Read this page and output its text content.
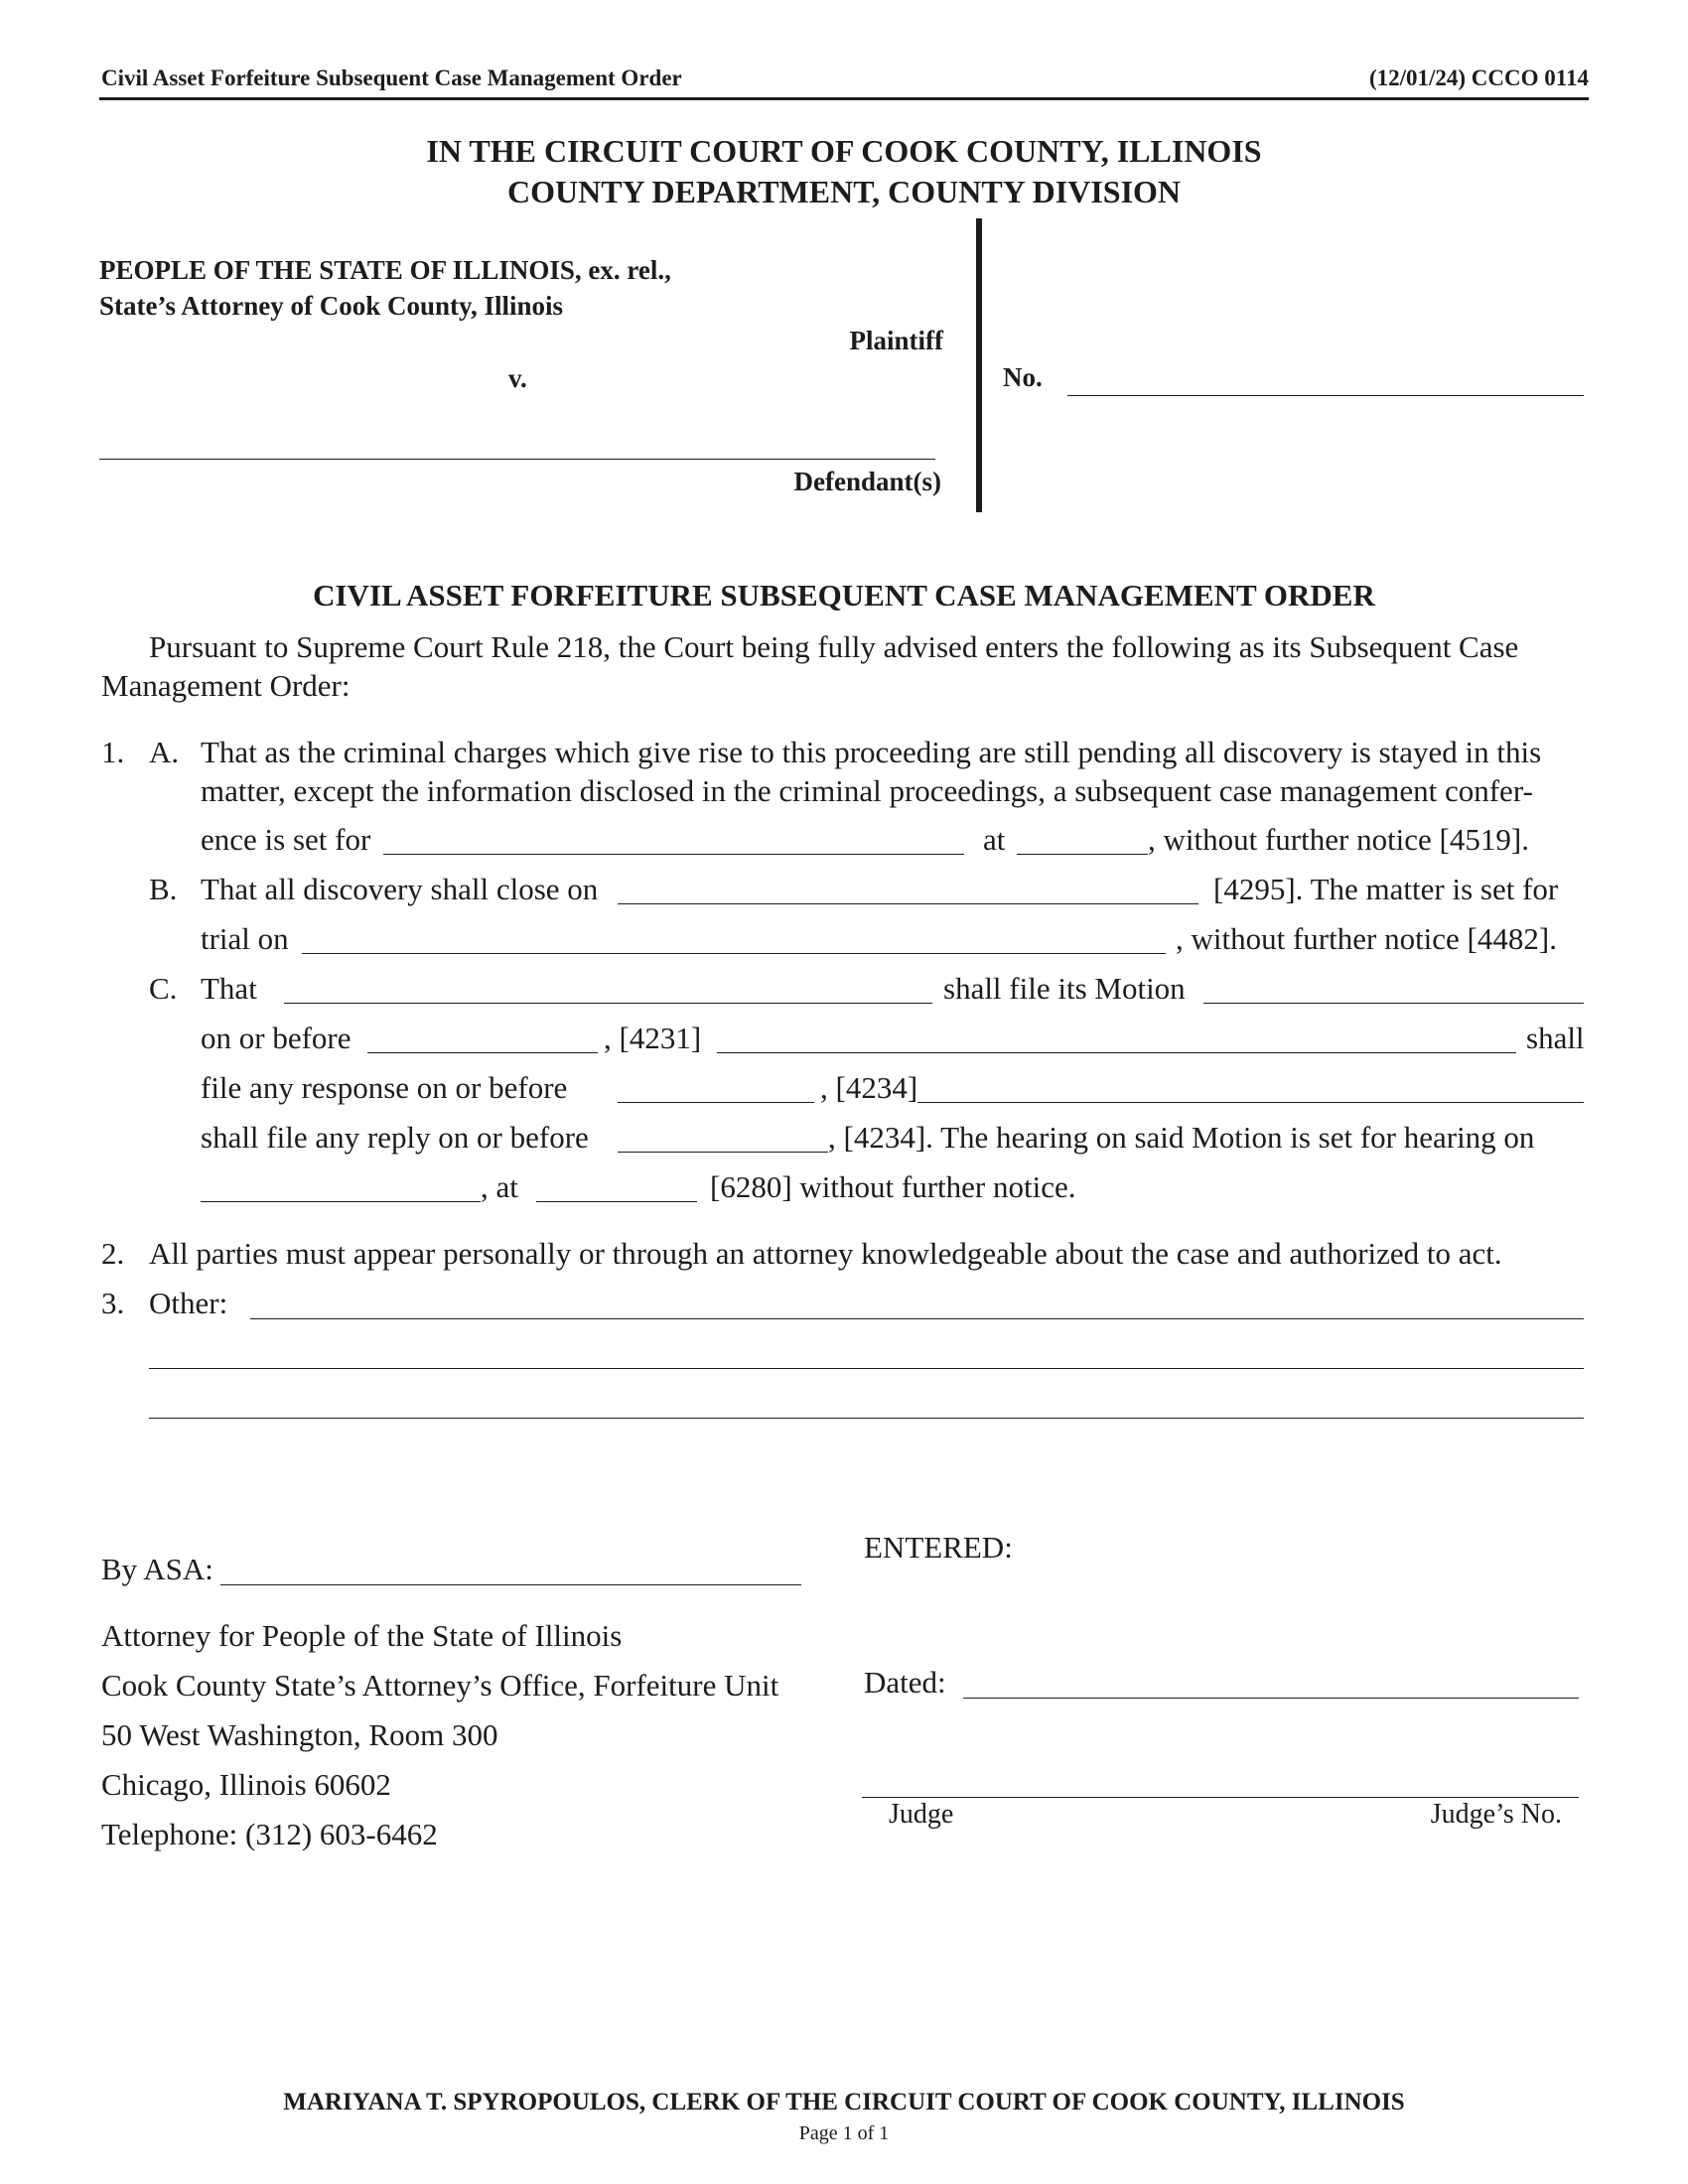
Civil Asset Forfeiture Subsequent Case Management Order	(12/01/24) CCCO 0114
IN THE CIRCUIT COURT OF COOK COUNTY, ILLINOIS
COUNTY DEPARTMENT, COUNTY DIVISION
PEOPLE OF THE STATE OF ILLINOIS, ex. rel.,
State’s Attorney of Cook County, Illinois
Plaintiff
v.
Defendant(s)
No.
CIVIL ASSET FORFEITURE SUBSEQUENT CASE MANAGEMENT ORDER
Pursuant to Supreme Court Rule 218, the Court being fully advised enters the following as its Subsequent Case
Management Order:
1. A. That as the criminal charges which give rise to this proceeding are still pending all discovery is stayed in this
matter, except the information disclosed in the criminal proceedings, a subsequent case management confer-
ence is set for	at	, without further notice [4519].
B. That all discovery shall close on	[4295]. The matter is set for
trial on	, without further notice [4482].
C. That	shall file its Motion
on or before	, [4231]	shall
file any response on or before	, [4234]
shall file any reply on or before	, [4234]. The hearing on said Motion is set for hearing on
, at	[6280] without further notice.
2. All parties must appear personally or through an attorney knowledgeable about the case and authorized to act.
3. Other:
By ASA:
Attorney for People of the State of Illinois
Cook County State’s Attorney’s Office, Forfeiture Unit
50 West Washington, Room 300
Chicago, Illinois 60602
Telephone: (312) 603-6462
ENTERED:
Dated:
Judge	Judge’s No.
MARIYANA T. SPYROPOULOS, CLERK OF THE CIRCUIT COURT OF COOK COUNTY, ILLINOIS
Page 1 of 1
